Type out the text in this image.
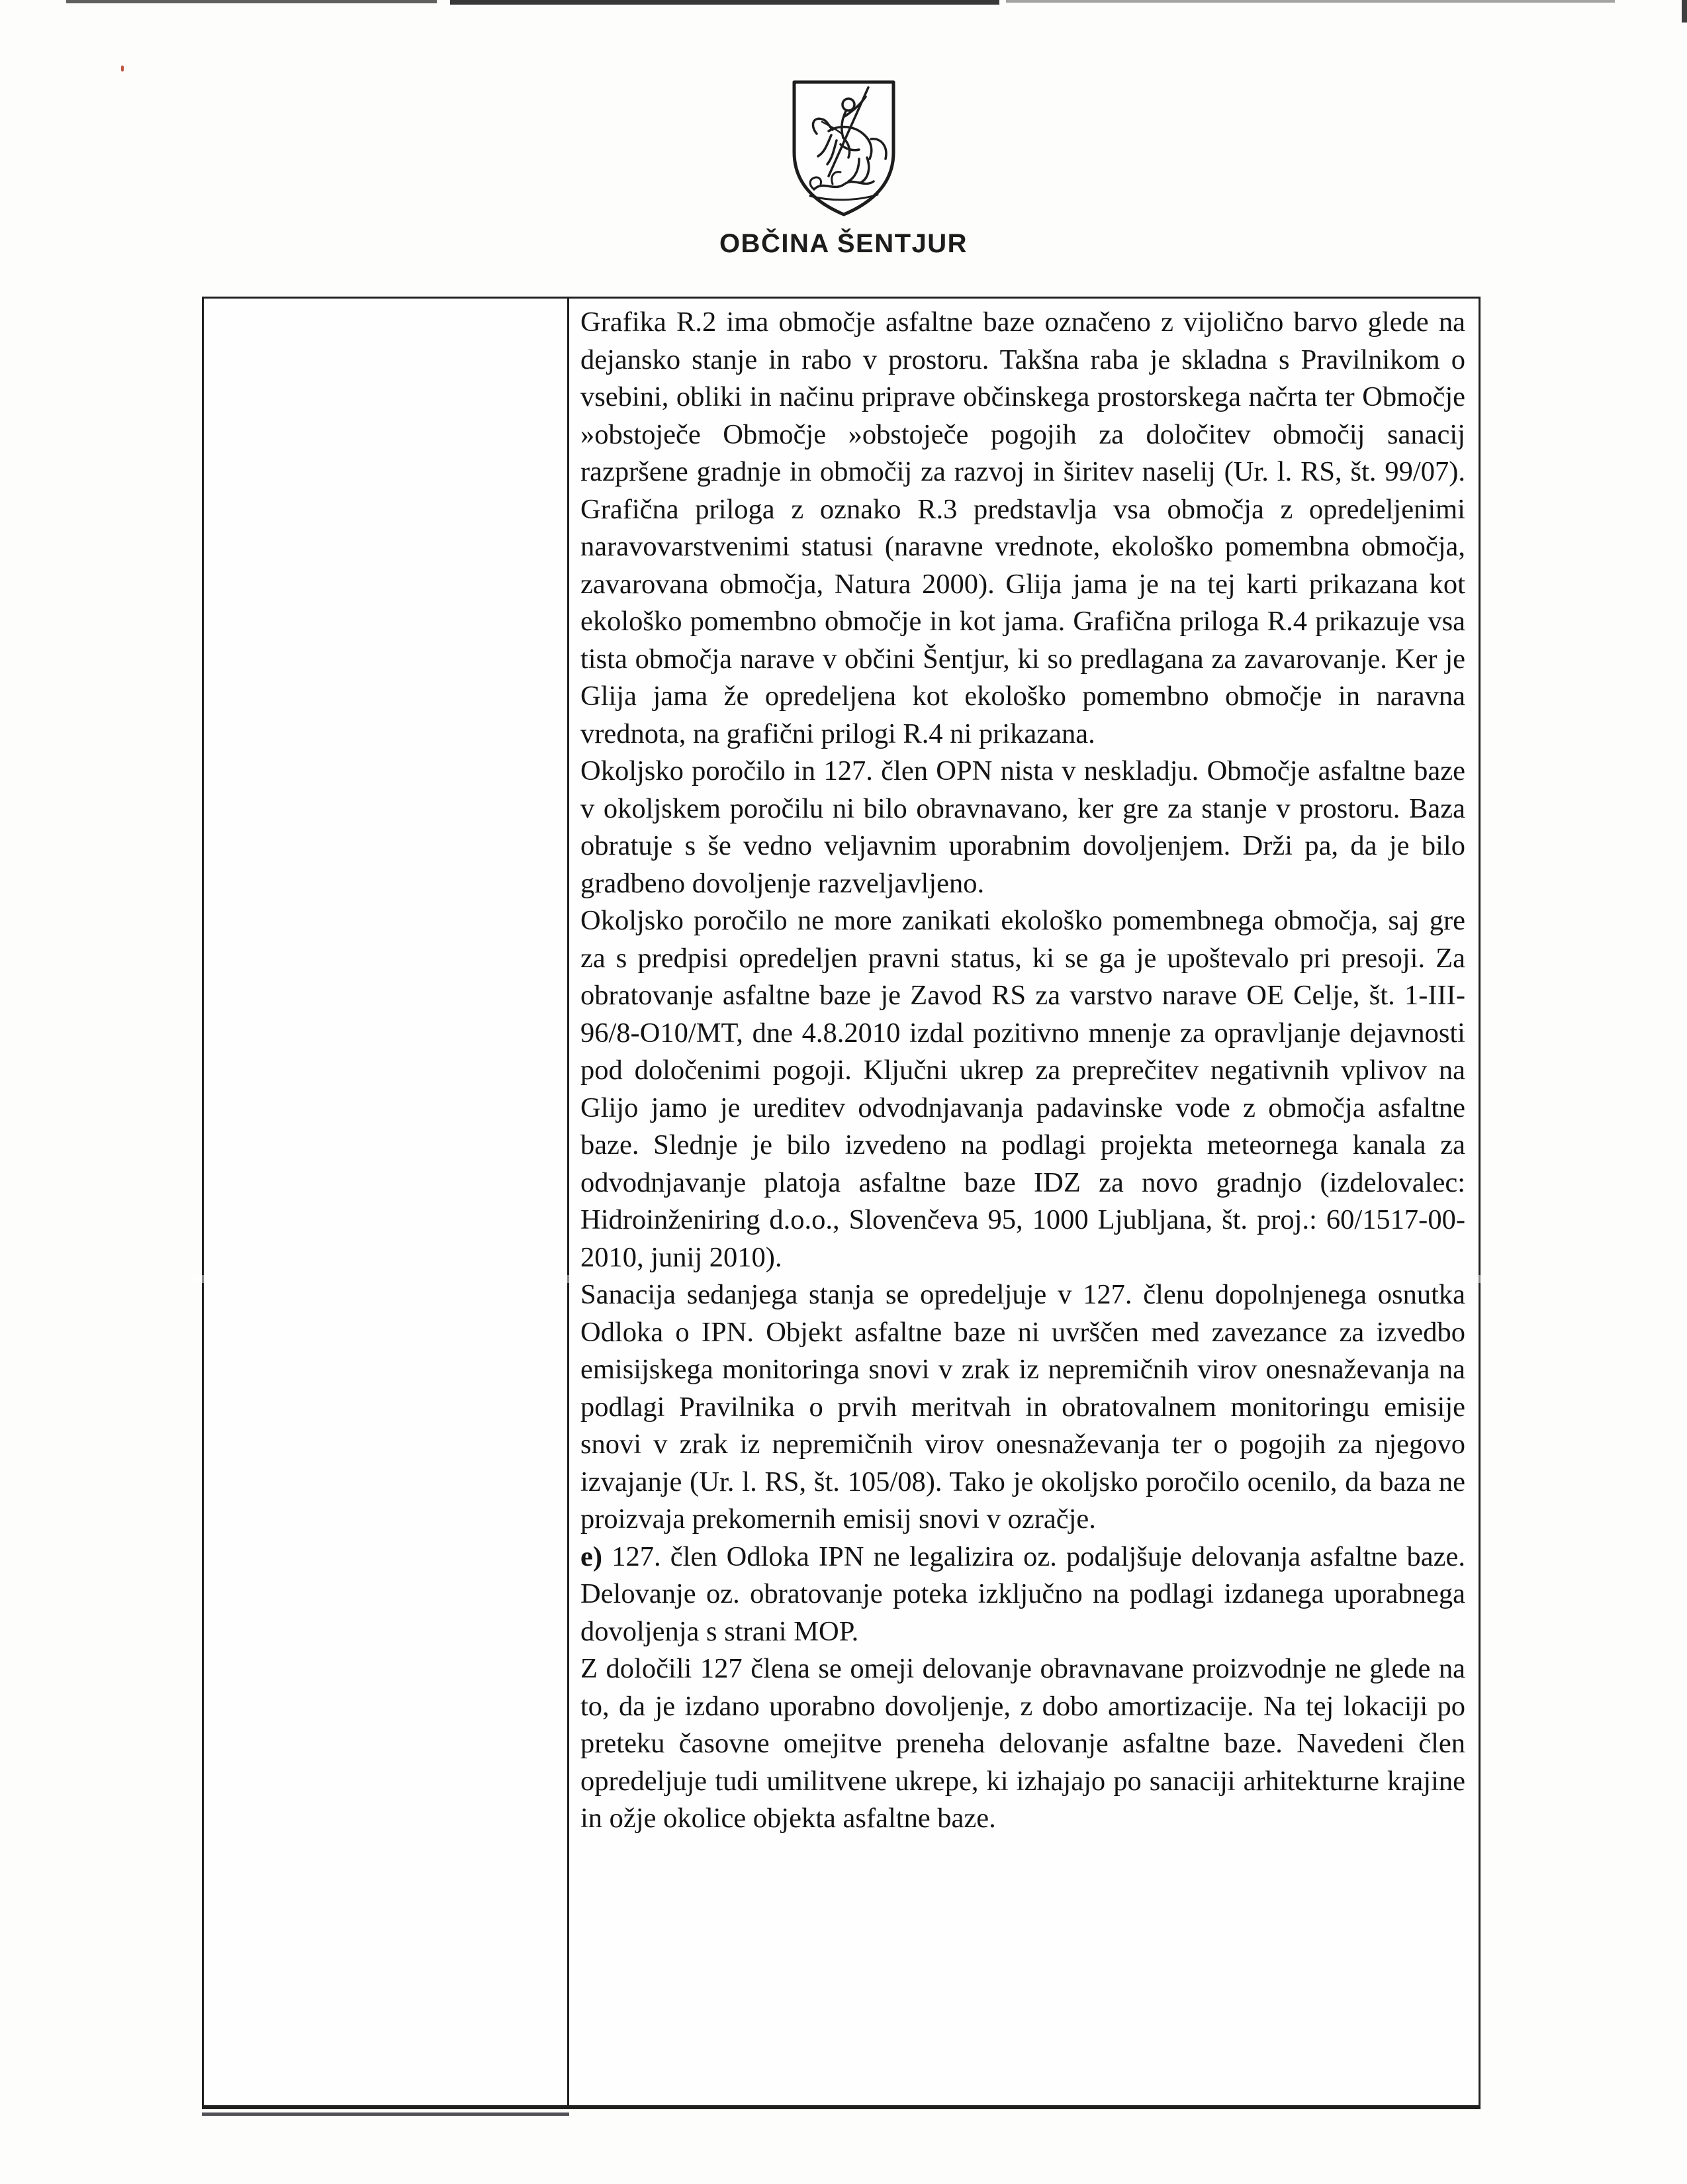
OBČINA ŠENTJUR

Grafika R.2 ima območje asfaltne baze označeno z vijolično barvo glede na dejansko stanje in rabo v prostoru. Takšna raba je skladna s Pravilnikom o vsebini, obliki in načinu priprave občinskega prostorskega načrta ter Območje »obstoječe Območje »obstoječe pogojih za določitev območij sanacij razpršene gradnje in območij za razvoj in širitev naselij (Ur. l. RS, št. 99/07). Grafična priloga z oznako R.3 predstavlja vsa območja z opredeljenimi naravovarstvenimi statusi (naravne vrednote, ekološko pomembna območja, zavarovana območja, Natura 2000). Glija jama je na tej karti prikazana kot ekološko pomembno območje in kot jama. Grafična priloga R.4 prikazuje vsa tista območja narave v občini Šentjur, ki so predlagana za zavarovanje. Ker je Glija jama že opredeljena kot ekološko pomembno območje in naravna vrednota, na grafični prilogi R.4 ni prikazana.

Okoljsko poročilo in 127. člen OPN nista v neskladju. Območje asfaltne baze v okoljskem poročilu ni bilo obravnavano, ker gre za stanje v prostoru. Baza obratuje s še vedno veljavnim uporabnim dovoljenjem. Drži pa, da je bilo gradbeno dovoljenje razveljavljeno.

Okoljsko poročilo ne more zanikati ekološko pomembnega območja, saj gre za s predpisi opredeljen pravni status, ki se ga je upoštevalo pri presoji. Za obratovanje asfaltne baze je Zavod RS za varstvo narave OE Celje, št. 1-III-96/8-O10/MT, dne 4.8.2010 izdal pozitivno mnenje za opravljanje dejavnosti pod določenimi pogoji. Ključni ukrep za preprečitev negativnih vplivov na Glijo jamo je ureditev odvodnjavanja padavinske vode z območja asfaltne baze. Slednje je bilo izvedeno na podlagi projekta meteornega kanala za odvodnjavanje platoja asfaltne baze IDZ za novo gradnjo (izdelovalec: Hidroinženiring d.o.o., Slovenčeva 95, 1000 Ljubljana, št. proj.: 60/1517-00-2010, junij 2010).

Sanacija sedanjega stanja se opredeljuje v 127. členu dopolnjenega osnutka Odloka o IPN. Objekt asfaltne baze ni uvrščen med zavezance za izvedbo emisijskega monitoringa snovi v zrak iz nepremičnih virov onesnaževanja na podlagi Pravilnika o prvih meritvah in obratovalnem monitoringu emisije snovi v zrak iz nepremičnih virov onesnaževanja ter o pogojih za njegovo izvajanje (Ur. l. RS, št. 105/08). Tako je okoljsko poročilo ocenilo, da baza ne proizvaja prekomernih emisij snovi v ozračje.

e) 127. člen Odloka IPN ne legalizira oz. podaljšuje delovanja asfaltne baze. Delovanje oz. obratovanje poteka izključno na podlagi izdanega uporabnega dovoljenja s strani MOP.

Z določili 127 člena se omeji delovanje obravnavane proizvodnje ne glede na to, da je izdano uporabno dovoljenje, z dobo amortizacije. Na tej lokaciji po preteku časovne omejitve preneha delovanje asfaltne baze. Navedeni člen opredeljuje tudi umilitvene ukrepe, ki izhajajo po sanaciji arhitekturne krajine in ožje okolice objekta asfaltne baze.
